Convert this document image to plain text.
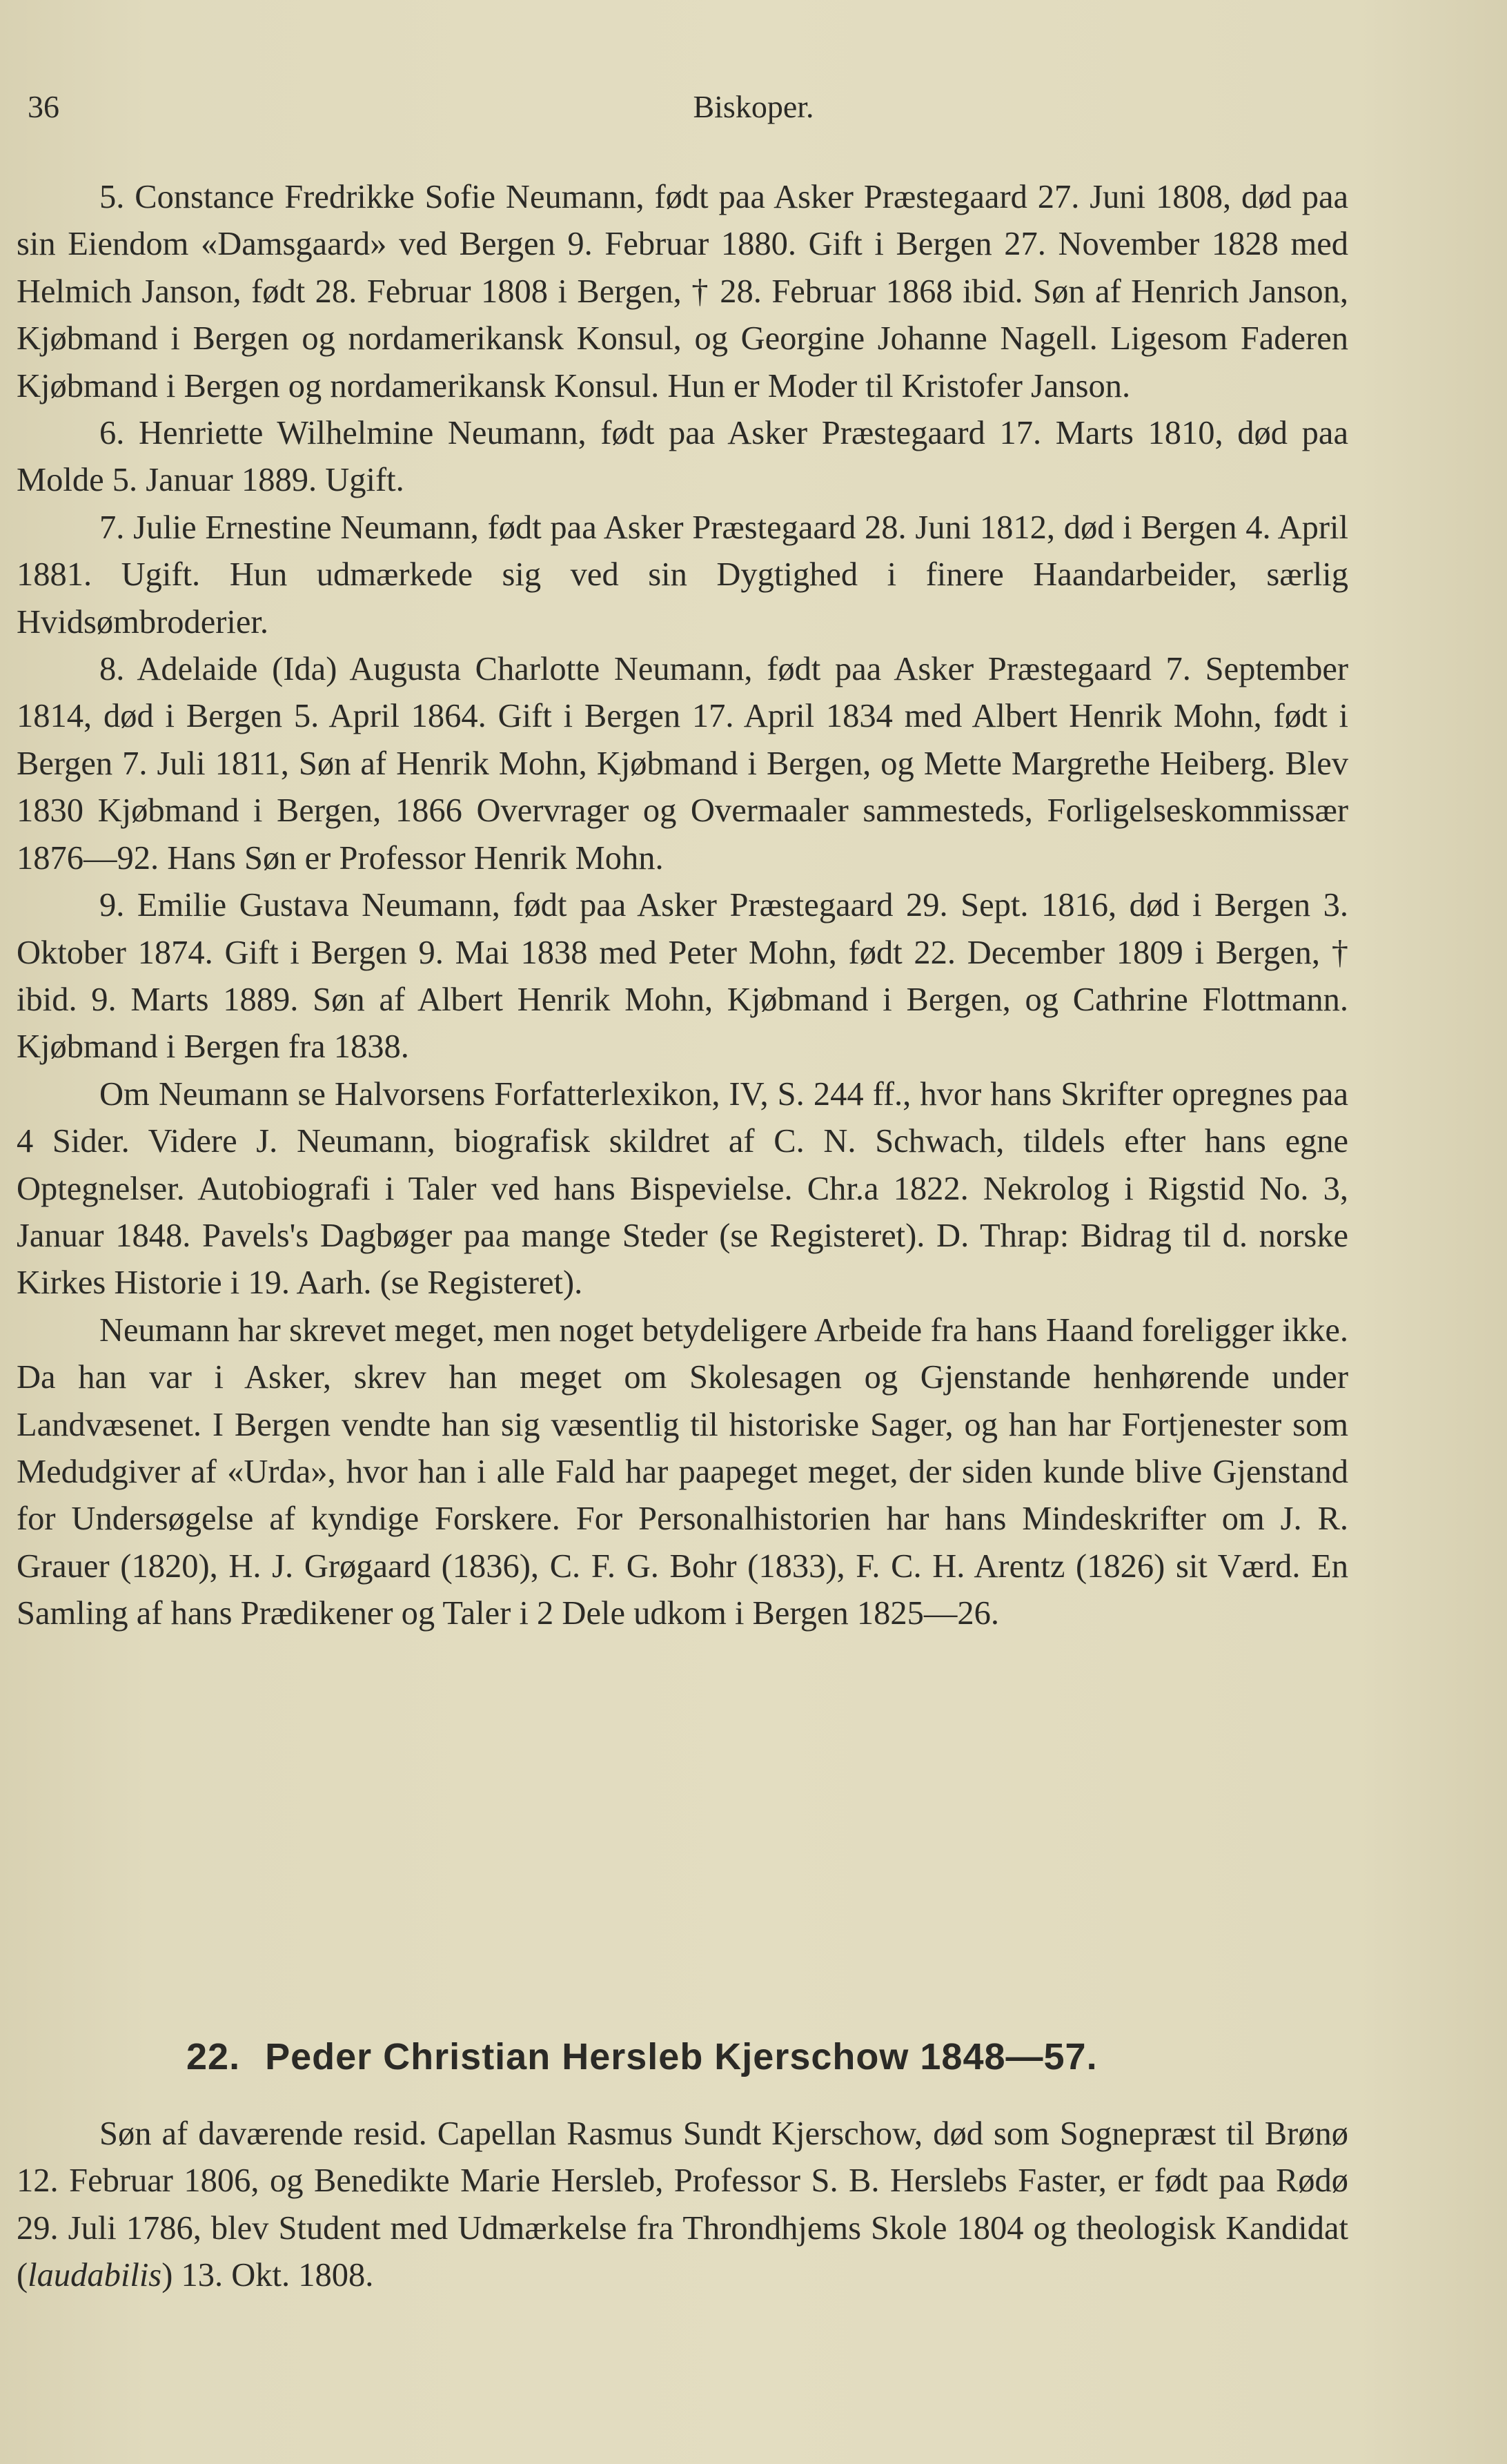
36	Biskoper.

5. Constance Fredrikke Sofie Neumann, født paa Asker Præstegaard 27. Juni 1808, død paa sin Eiendom «Damsgaard» ved Bergen 9. Februar 1880. Gift i Bergen 27. November 1828 med Helmich Janson, født 28. Februar 1808 i Bergen, † 28. Februar 1868 ibid. Søn af Henrich Janson, Kjøbmand i Bergen og nordamerikansk Konsul, og Georgine Johanne Nagell. Ligesom Faderen Kjøbmand i Bergen og nordamerikansk Konsul. Hun er Moder til Kristofer Janson.

6. Henriette Wilhelmine Neumann, født paa Asker Præstegaard 17. Marts 1810, død paa Molde 5. Januar 1889. Ugift.

7. Julie Ernestine Neumann, født paa Asker Præstegaard 28. Juni 1812, død i Bergen 4. April 1881. Ugift. Hun udmærkede sig ved sin Dygtighed i finere Haandarbeider, særlig Hvidsømbroderier.

8. Adelaide (Ida) Augusta Charlotte Neumann, født paa Asker Præstegaard 7. September 1814, død i Bergen 5. April 1864. Gift i Bergen 17. April 1834 med Albert Henrik Mohn, født i Bergen 7. Juli 1811, Søn af Henrik Mohn, Kjøbmand i Bergen, og Mette Margrethe Heiberg. Blev 1830 Kjøbmand i Bergen, 1866 Overvrager og Overmaaler sammesteds, Forligelseskommissær 1876—92. Hans Søn er Professor Henrik Mohn.

9. Emilie Gustava Neumann, født paa Asker Præstegaard 29. Sept. 1816, død i Bergen 3. Oktober 1874. Gift i Bergen 9. Mai 1838 med Peter Mohn, født 22. December 1809 i Bergen, † ibid. 9. Marts 1889. Søn af Albert Henrik Mohn, Kjøbmand i Bergen, og Cathrine Flottmann. Kjøbmand i Bergen fra 1838.

Om Neumann se Halvorsens Forfatterlexikon, IV, S. 244 ff., hvor hans Skrifter opregnes paa 4 Sider. Videre J. Neumann, biografisk skildret af C. N. Schwach, tildels efter hans egne Optegnelser. Autobiografi i Taler ved hans Bispevielse. Chr.a 1822. Nekrolog i Rigstid No. 3, Januar 1848. Pavels's Dagbøger paa mange Steder (se Registeret). D. Thrap: Bidrag til d. norske Kirkes Historie i 19. Aarh. (se Registeret).

Neumann har skrevet meget, men noget betydeligere Arbeide fra hans Haand foreligger ikke. Da han var i Asker, skrev han meget om Skolesagen og Gjenstande henhørende under Landvæsenet. I Bergen vendte han sig væsentlig til historiske Sager, og han har Fortjenester som Medudgiver af «Urda», hvor han i alle Fald har paapeget meget, der siden kunde blive Gjenstand for Undersøgelse af kyndige Forskere. For Personalhistorien har hans Mindeskrifter om J. R. Grauer (1820), H. J. Grøgaard (1836), C. F. G. Bohr (1833), F. C. H. Arentz (1826) sit Værd. En Samling af hans Prædikener og Taler i 2 Dele udkom i Bergen 1825—26.

22. Peder Christian Hersleb Kjerschow 1848—57.

Søn af daværende resid. Capellan Rasmus Sundt Kjerschow, død som Sognepræst til Brønø 12. Februar 1806, og Benedikte Marie Hersleb, Professor S. B. Herslebs Faster, er født paa Rødø 29. Juli 1786, blev Student med Udmærkelse fra Throndhjems Skole 1804 og theologisk Kandidat (laudabilis) 13. Okt. 1808.
